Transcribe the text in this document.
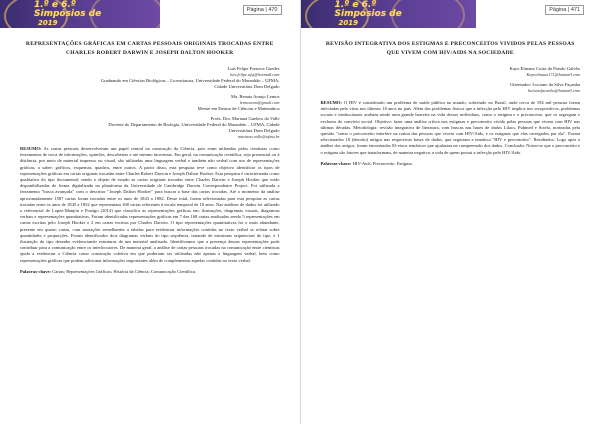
1.º e 6.º
Simpósios de
2019
Página | 470
REPRESENTAÇÕES GRÁFICAS EM CARTAS PESSOAIS ORIGINAIS TROCADAS ENTRE CHARLES ROBERT DARWIN E JOSEPH DALTON HOOKER
Luis Felipe Fonseca Guedes
luis.felipe.ufsj@hotmail.com
Graduando em Ciências Biológicas – Licenciatura, Universidade Federal do Maranhão – UFMA,
Cidade Universitária Dom Delgado
Ma. Renata Araujo Lemos
lemosrara@gmail.com
Mestre em Ensino de Ciências e Matemática
Profa. Dra. Mariana Guelero do Valle
Docente do Departamento de Biologia, Universidade Federal do Maranhão – UFMA, Cidade
Universitária Dom Delgado
mariana.valle@ufma.br
RESUMO: As cartas pessoais desenvolveram um papel central na construção da Ciência, pois eram utilizadas pelos cientistas como ferramentas de troca de informações, opiniões, descobertas e até mesmo incertezas. Em geral, na comunicação científica, seja presencial ou à distância, por meio de material impresso ou visual, são utilizadas uma linguagem verbal e também não verbal com uso de representações gráficas, a saber: gráficos, esquemas, quadros, entre outros. A partir disso, esta pesquisa teve como objetivo identificar os tipos de representações gráficas em cartas originais trocadas entre Charles Robert Darwin e Joseph Dalton Hooker. Esta pesquisa é caracterizada como qualitativa do tipo documental, sendo o objeto de estudo as cartas originais trocadas entre Charles Darwin e Joseph Hooker que estão disponibilizadas de forma digitalizada na plataforma da Universidade de Cambridge Darwin Correspondence Project. Foi utilizada a ferramenta "busca avançada" com o descritor "Joseph Dalton Hooker" para buscar a base das cartas trocadas. Até o momento da análise aproximadamente 1587 cartas foram trocadas entre os anos de 1843 a 1882. Desse total, foram selecionadas para esta pesquisa as cartas trocadas entre os anos de 1845 a 1852 que representam 168 cartas referentes à escala temporal de 10 anos. Nas análises de dados foi utilizado o referencial de Lopez-Manjón e Postigo (2014) que classifica as representações gráficas em: ilustrações, diagramas visuais, diagramas verbais e representações quantitativas. Foram identificadas representações gráficas em 7 das 168 cartas analisadas sendo 5 representações em cartas escritas pelo Joseph Hooker e 2 em cartas escritas por Charles Darwin. O tipo representações quantitativas foi o mais abundante, presente em quatro cartas, com anotações semelhantes a tabelas para evidenciar informações contidas no texto verbal se relatar sobre quantidades e proporções. Foram identificados dois diagramas verbais do tipo sequência, tratando de estruturas sequenciais do tipo, e 1 ilustração do tipo desenho evidenciando estruturas de um material analisado. Identificamos que a presença dessas representações pode contribuir para a comunicação entre os interlocutores. De maneira geral, a análise de cartas pessoais trocadas na comunicação entre cientistas ajuda a evidenciar a Ciência como construção coletiva em que poderiam ser utilizadas não apenas a linguagem verbal, bem como representações gráficas que podem adicionar informações importantes além de complementar aquelas contidas no texto verbal.
Palavras-chave: Cartas; Representações Gráficas; História da Ciência; Comunicação Científica.
1.º e 6.º
Simpósios de
2019
Página | 471
REVISÃO INTEGRATIVA DOS ESTIGMAS E PRECONCEITOS VIVIDOS PELAS PESSOAS QUE VIVEM COM HIV/AIDS NA SOCIEDADE
Kayo Elmano Costa da Paixão Galvão
Kayoelmano171@hotmail.com
Orientador: Luciano da Silva Façanha
lucianofacanha@hotmail.com
RESUMO: O HIV é considerado um problema de saúde pública no mundo, sobretudo no Brasil, onde cerca de 194 mil pessoas foram infectadas pelo vírus nos últimos 10 anos no país. Além dos problemas físicos que a infecção pelo HIV implica nos soropositivos, problemas sociais e institucionais acabam sendo uma grande barreira na vida desses indivíduos, como o estigma e o preconceito, que os segregam e excluem do convívio social. Objetivo: fazer uma análise crítica nos estigmas e preconceito vivido pelas pessoas que vivem com HIV nas últimas décadas. Metodologia: revisão integrativa de literatura, com buscas nas bases de dados Lilacs, Pubmed e Scielo, norteadas pela questão "como o preconceito interfere na rotina das pessoas que vivem com HIV/Aids, e os estigmas que elas carregados por ela". Foram selecionados 18 (dezoito) artigos nas respectivas bases de dados, que seguiram a temática "HIV e preconceito". Resultados: Logo após a análise dos artigos, foram encontrados 03 eixos temáticos que ajudaram na compreensão dos dados. Conclusão: Notou-se que o preconceito e o estigma são fatores que transformam, de maneira negativa, a vida de quem possui a infecção pelo HIV/Aids.
Palavras-chave: HIV-Aids; Preconceito; Estigma.
